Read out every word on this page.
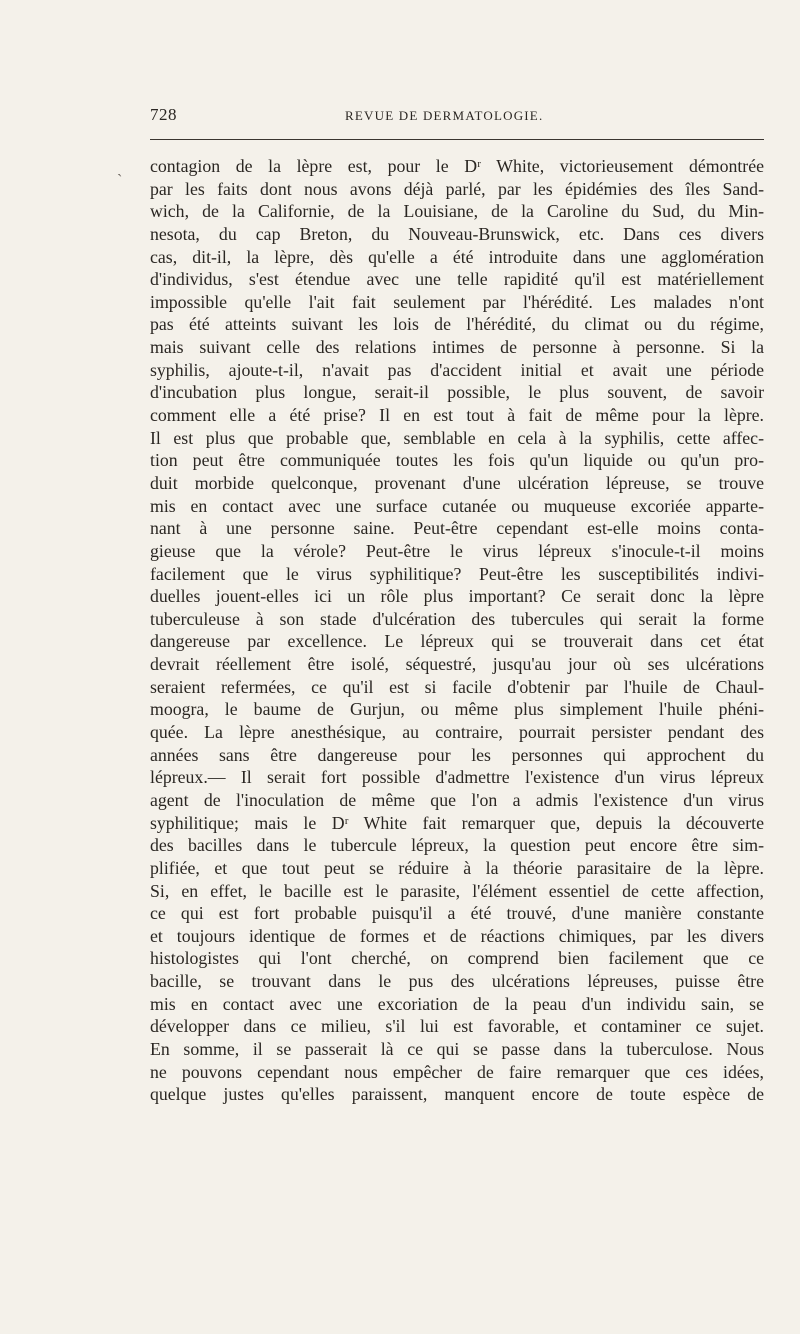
728	REVUE DE DERMATOLOGIE.
ˏ contagion de la lèpre est, pour le Dʳ White, victorieusement démontrée
par les faits dont nous avons déjà parlé, par les épidémies des îles Sand-
wich, de la Californie, de la Louisiane, de la Caroline du Sud, du Min-
nesota, du cap Breton, du Nouveau-Brunswick, etc. Dans ces divers
cas, dit-il, la lèpre, dès qu'elle a été introduite dans une agglomération
d'individus, s'est étendue avec une telle rapidité qu'il est matériellement
impossible qu'elle l'ait fait seulement par l'hérédité. Les malades n'ont
pas été atteints suivant les lois de l'hérédité, du climat ou du régime,
mais suivant celle des relations intimes de personne à personne. Si la
syphilis, ajoute-t-il, n'avait pas d'accident initial et avait une période
d'incubation plus longue, serait-il possible, le plus souvent, de savoir
comment elle a été prise? Il en est tout à fait de même pour la lèpre.
Il est plus que probable que, semblable en cela à la syphilis, cette affec-
tion peut être communiquée toutes les fois qu'un liquide ou qu'un pro-
duit morbide quelconque, provenant d'une ulcération lépreuse, se trouve
mis en contact avec une surface cutanée ou muqueuse excoriée apparte-
nant à une personne saine. Peut-être cependant est-elle moins conta-
gieuse que la vérole? Peut-être le virus lépreux s'inocule-t-il moins
facilement que le virus syphilitique? Peut-être les susceptibilités indivi-
duelles jouent-elles ici un rôle plus important? Ce serait donc la lèpre
tuberculeuse à son stade d'ulcération des tubercules qui serait la forme
dangereuse par excellence. Le lépreux qui se trouverait dans cet état
devrait réellement être isolé, séquestré, jusqu'au jour où ses ulcérations
seraient refermées, ce qu'il est si facile d'obtenir par l'huile de Chaul-
moogra, le baume de Gurjun, ou même plus simplement l'huile phéni-
quée. La lèpre anesthésique, au contraire, pourrait persister pendant des
années sans être dangereuse pour les personnes qui approchent du
lépreux.— Il serait fort possible d'admettre l'existence d'un virus lépreux
agent de l'inoculation de même que l'on a admis l'existence d'un virus
syphilitique; mais le Dʳ White fait remarquer que, depuis la découverte
des bacilles dans le tubercule lépreux, la question peut encore être sim-
plifiée, et que tout peut se réduire à la théorie parasitaire de la lèpre.
Si, en effet, le bacille est le parasite, l'élément essentiel de cette affection,
ce qui est fort probable puisqu'il a été trouvé, d'une manière constante
et toujours identique de formes et de réactions chimiques, par les divers
histologistes qui l'ont cherché, on comprend bien facilement que ce
bacille, se trouvant dans le pus des ulcérations lépreuses, puisse être
mis en contact avec une excoriation de la peau d'un individu sain, se
développer dans ce milieu, s'il lui est favorable, et contaminer ce sujet.
En somme, il se passerait là ce qui se passe dans la tuberculose. Nous
ne pouvons cependant nous empêcher de faire remarquer que ces idées,
quelque justes qu'elles paraissent, manquent encore de toute espèce de
